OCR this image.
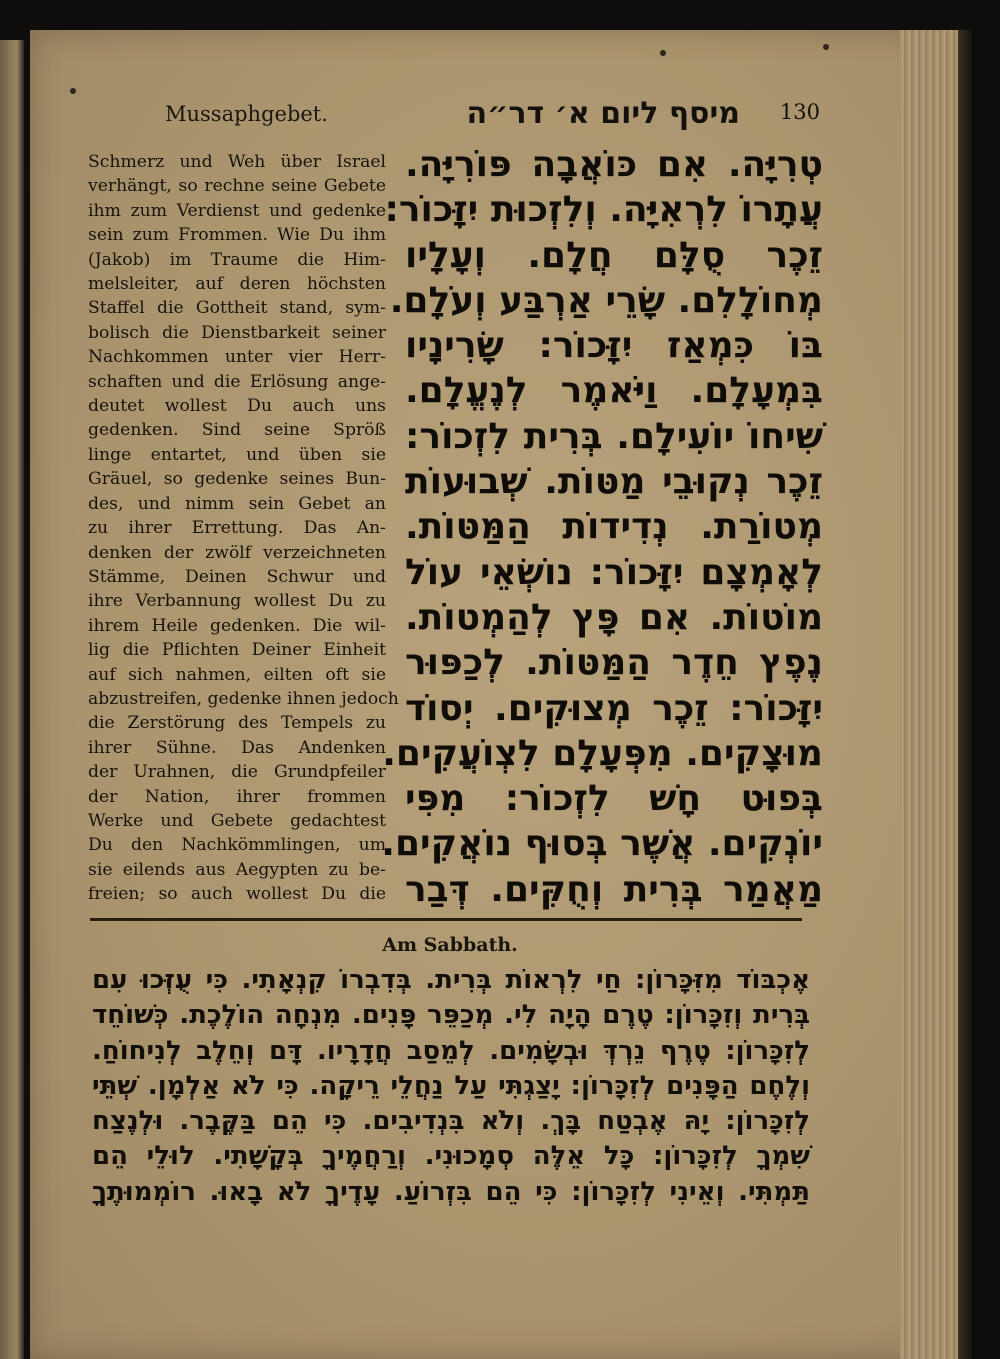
Mussaphgebet.	מיסף ליום א׳ דר״ה 130
Schmerz und Weh über Israel
verhängt, so rechne seine Gebete
ihm zum Verdienst und gedenke
sein zum Frommen. Wie Du ihm
(Jakob) im Traume die Him-
melsleiter, auf deren höchsten
Staffel die Gottheit stand, sym-
bolisch die Dienstbarkeit seiner
Nachkommen unter vier Herr-
schaften und die Erlösung ange-
deutet wollest Du auch uns
gedenken. Sind seine Spröß
linge entartet, und üben sie
Gräuel, so gedenke seines Bun-
des, und nimm sein Gebet an
zu ihrer Errettung. Das An-
denken der zwölf verzeichneten
Stämme, Deinen Schwur und
ihre Verbannung wollest Du zu
ihrem Heile gedenken. Die wil-
lig die Pflichten Deiner Einheit
auf sich nahmen, eilten oft sie
abzustreifen, gedenke ihnen jedoch
die Zerstörung des Tempels zu
ihrer Sühne. Das Andenken
der Urahnen, die Grundpfeiler
der Nation, ihrer frommen
Werke und Gebete gedachtest
Du den Nachkömmlingen, um
sie eilends aus Aegypten zu be-
freien; so auch wollest Du die
טְרִיָּה. אִם כּוֹאֲבָה פּוֹרִיָּה.
עֲתָרוֹ לִרְאִיָּה. וְלִזְכוּת יִזָּכוֹר:
זֵכֶר סֻלָּם חֲלָם. וְעָלָיו
מְחוֹלָלִם. שָׂרֵי אַרְבַּע וְעֹלָם.
בּוֹ כִּמְאַז יִזָּכוֹר: שָׂרִינָיו
בִּמְעָלָם. וַיֹּאמֶר לְנֶעֱלָם.
שִׁיחוֹ יוֹעִילָם. בְּרִית לִזְכוֹר:
זֵכֶר נְקוּבֵי מַטּוֹת. שְׁבוּעוֹת
מְטוֹרַת. נְדִידוֹת הַמַּטּוֹת.
לְאָמְצָם יִזָּכוֹר: נוֹשְׂאֵי עוֹל
מוֹטוֹת. אִם פָּץ לְהַמְטוֹת.
נֶפֶץ חֵדֶר הַמַּטּוֹת. לְכַפּוּר
יִזָּכוֹר: זֵכֶר מְצוּקִים. יְסוֹד
מוּצָקִים. מִפְּעָלָם לִצְוֹעֲקִים.
בְּפוּט חָשׁ לִזְכוֹר: מִפִּי
יוֹנְקִים. אֲשֶׁר בְּסוּף נוֹאֲקִים.
מַאֲמַר בְּרִית וְחֻקִּים. דְּבַר
Am Sabbath.
אֶכְבּוֹד מִזִּכָּרוֹן: חַי לִרְאוֹת בְּרִית. בְּדִבְרוֹ קִנְאָתִי. כִּי עֻזְּכוּ עִם
בְּרִית וְזִכָּרוֹן: טֶרֶם הָיָה לִי. מְכַפֵּר פָּנִים. מִנְחָה הוֹלֶכֶת. כְּשׁוֹחֵד
לְזִכָּרוֹן: טֶרֶף נֵרְדְּ וּבְשָׂמִים. לְמֵסַב חֲדָרָיו. דָּם וְחֵלֶב לְנִיחוֹחַ.
וְלֶחֶם הַפָּנִים לְזִכָּרוֹן: יָצַגְתִּי עַל נַחֲלֵי רֵיקָה. כִּי לֹא אַלְמָן. שְׁתֵּי
לְזִכָּרוֹן: יָהּ אֶבְטַח בָּךְ. וְלֹא בִּנְדִיבִים. כִּי הֵם בַּקֶּבֶר. וּלְנֶצַח
שִׁמְךָ לְזִכָּרוֹן: כָּל אֵלֶּה סְמָכוּנִי. וְרַחֲמֶיךָ בְּקָשָׁתִי. לוּלֵי הֵם
תַּמְתִּי. וְאֵינִי לְזִכָּרוֹן: כִּי הֵם בִּזְרוֹעַ. עָדֶיךָ לֹא בָאוּ. רוֹמְמוּתֶךָ
